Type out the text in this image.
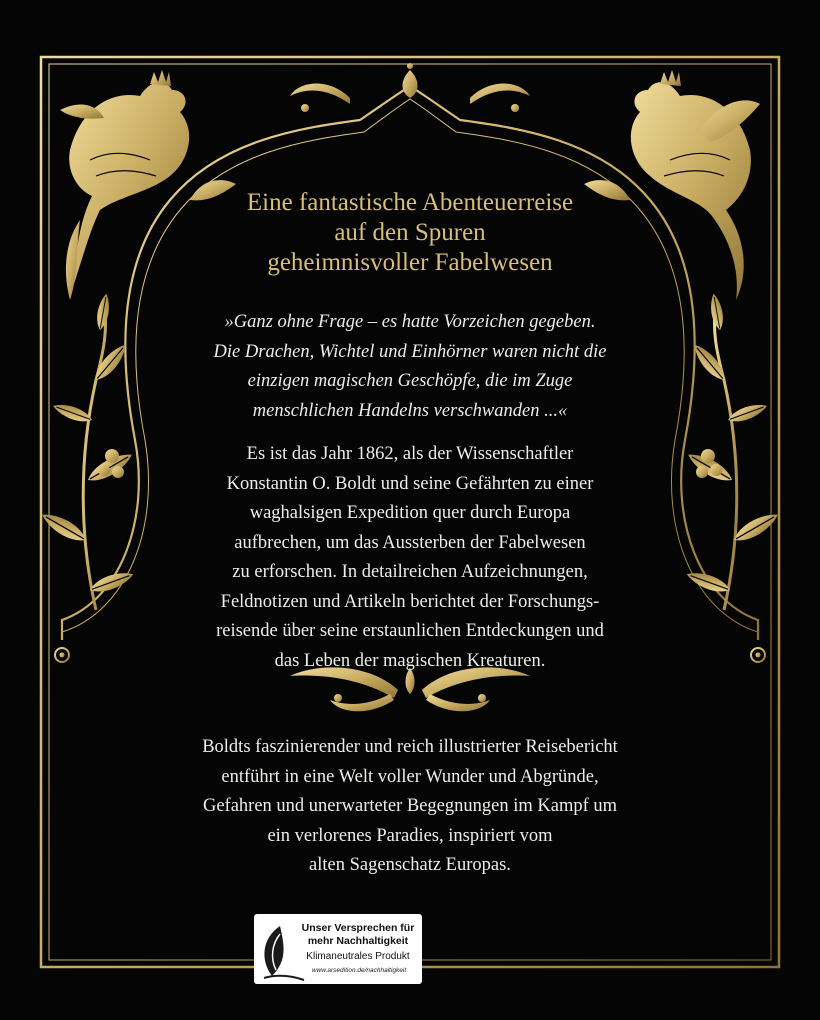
Eine fantastische Abenteuerreise
auf den Spuren
geheimnisvoller Fabelwesen
»Ganz ohne Frage – es hatte Vorzeichen gegeben.
Die Drachen, Wichtel und Einhörner waren nicht die
einzigen magischen Geschöpfe, die im Zuge
menschlichen Handelns verschwanden ...«
Es ist das Jahr 1862, als der Wissenschaftler
Konstantin O. Boldt und seine Gefährten zu einer
waghalsigen Expedition quer durch Europa
aufbrechen, um das Aussterben der Fabelwesen
zu erforschen. In detailreichen Aufzeichnungen,
Feldnotizen und Artikeln berichtet der Forschungs-
reisende über seine erstaunlichen Entdeckungen und
das Leben der magischen Kreaturen.
Boldts faszinierender und reich illustrierter Reisebericht
entführt in eine Welt voller Wunder und Abgründe,
Gefahren und unerwarteter Begegnungen im Kampf um
ein verlorenes Paradies, inspiriert vom
alten Sagenschatz Europas.
Unser Versprechen für
mehr Nachhaltigkeit
Klimaneutrales Produkt
www.arsedition.de/nachhaltigkeit
